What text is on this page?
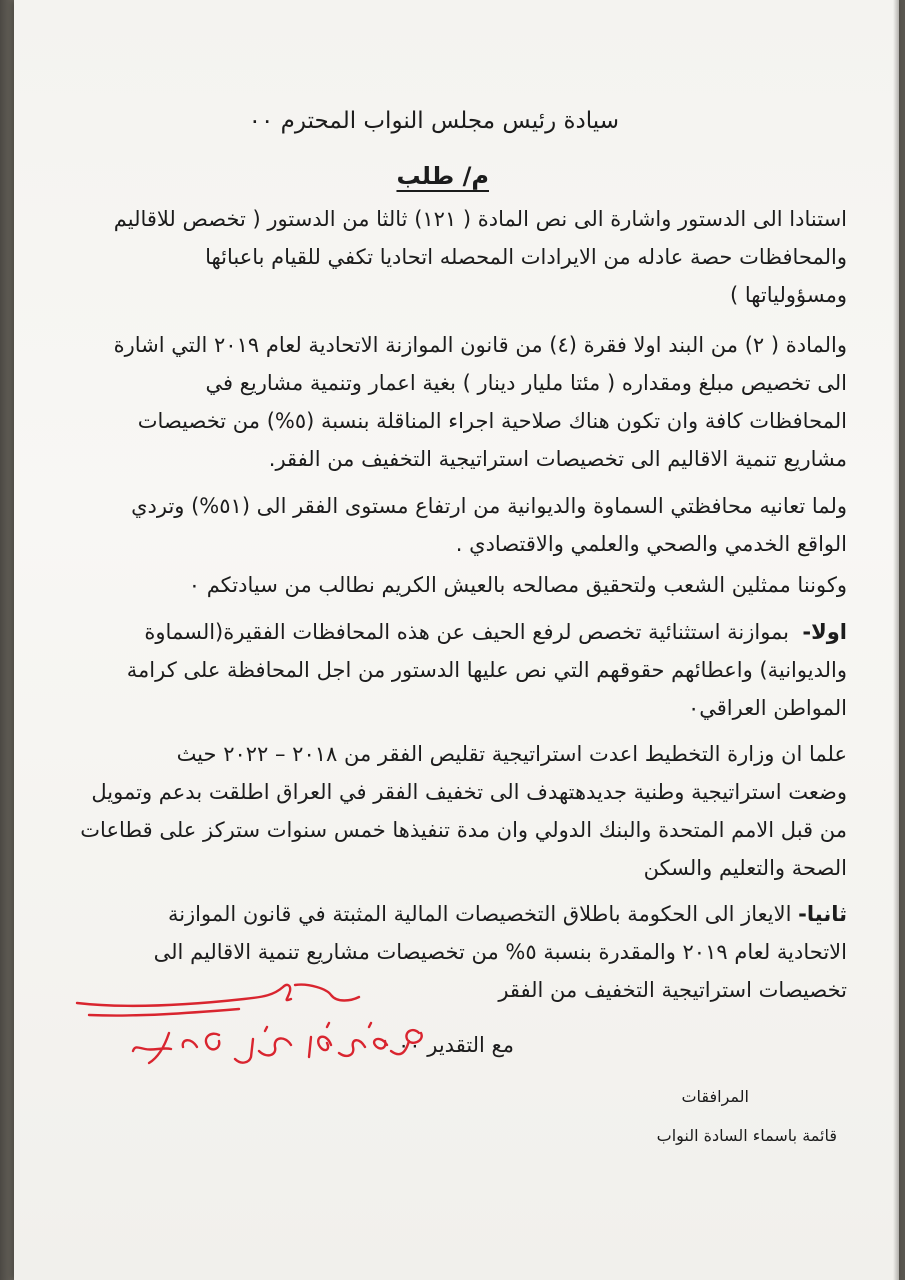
سيادة رئيس مجلس النواب المحترم ٠٠
م/ طلب
استنادا الى الدستور واشارة الى نص المادة ( ١٢١) ثالثا من الدستور ( تخصص للاقاليم
والمحافظات حصة عادله من الايرادات المحصله اتحاديا تكفي للقيام باعبائها
ومسؤولياتها )
والمادة ( ٢) من البند اولا فقرة (٤) من قانون الموازنة الاتحادية لعام ٢٠١٩ التي اشارة
الى تخصيص مبلغ ومقداره ( مئتا مليار دينار ) بغية اعمار وتنمية مشاريع في
المحافظات كافة وان تكون هناك صلاحية اجراء المناقلة بنسبة (٥%) من تخصيصات
مشاريع تنمية الاقاليم الى تخصيصات استراتيجية التخفيف من الفقر.
ولما تعانيه محافظتي السماوة والديوانية من ارتفاع مستوى الفقر الى (٥١%) وتردي
الواقع الخدمي والصحي والعلمي والاقتصادي .
وكوننا ممثلين الشعب ولتحقيق مصالحه بالعيش الكريم نطالب من سيادتكم ٠
اولا-  بموازنة استثنائية تخصص لرفع الحيف عن هذه المحافظات الفقيرة(السماوة
والديوانية) واعطائهم حقوقهم التي نص عليها الدستور من اجل المحافظة على كرامة
المواطن العراقي٠
علما ان وزارة التخطيط اعدت استراتيجية تقليص الفقر من ٢٠١٨ – ٢٠٢٢ حيث
وضعت استراتيجية وطنية جديدهتهدف الى تخفيف الفقر في العراق اطلقت بدعم وتمويل
من قبل الامم المتحدة والبنك الدولي وان مدة تنفيذها خمس سنوات ستركز على قطاعات
الصحة والتعليم والسكن
ثانيا- الايعاز الى الحكومة باطلاق التخصيصات المالية المثبتة في قانون الموازنة
الاتحادية لعام ٢٠١٩ والمقدرة بنسبة ٥% من تخصيصات مشاريع تنمية الاقاليم الى
تخصيصات استراتيجية التخفيف من الفقر
مع التقدير ٠٠
المرافقات
قائمة باسماء السادة النواب
